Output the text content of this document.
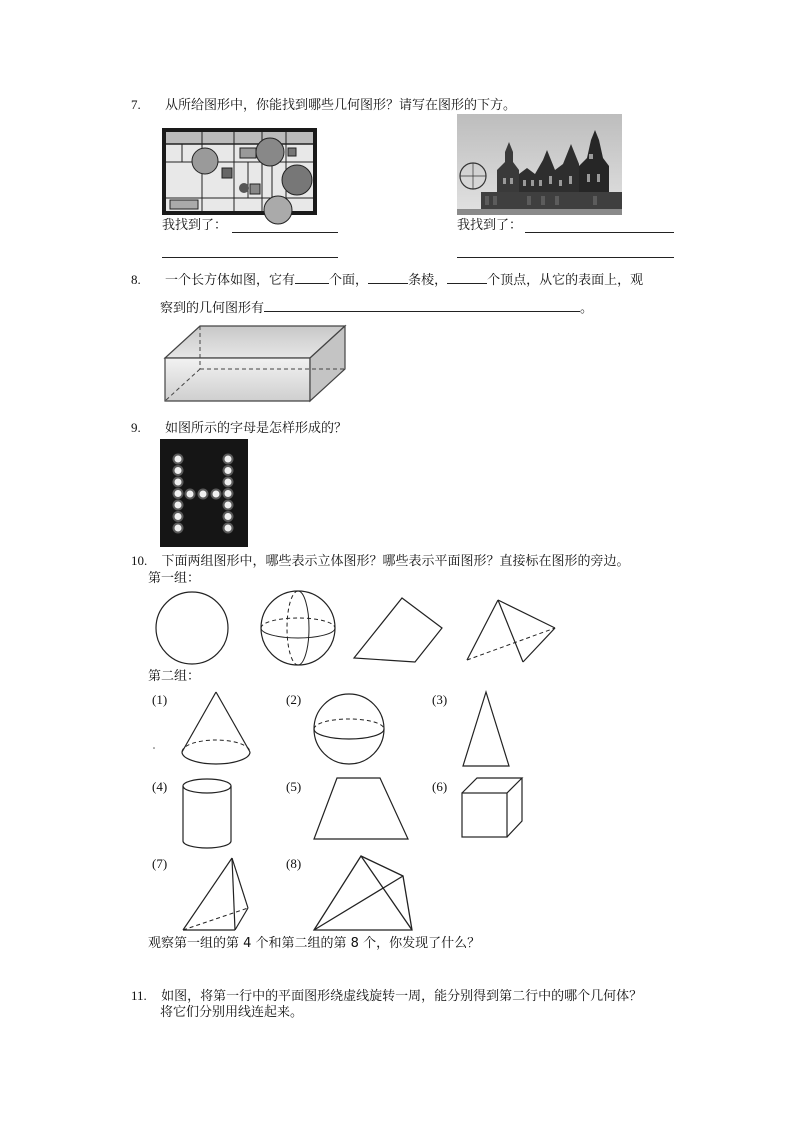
7. 从所给图形中，你能找到哪些几何图形？请写在图形的下方。
我找到了：	我找到了：
8. 一个长方体如图，它有	个面，	条棱，	个顶点，从它的表面上，观
察到的几何图形有	。
9. 如图所示的字母是怎样形成的？
10. 下面两组图形中，哪些表示立体图形？哪些表示平面图形？直接标在图形的旁边。
第一组：
第二组：
(1)	(2)	(3)
(4)	(5)	(6)
(7)	(8)
观察第一组的第 4 个和第二组的第 8 个，你发现了什么？
11. 如图，将第一行中的平面图形绕虚线旋转一周，能分别得到第二行中的哪个几何体？
将它们分别用线连起来。
